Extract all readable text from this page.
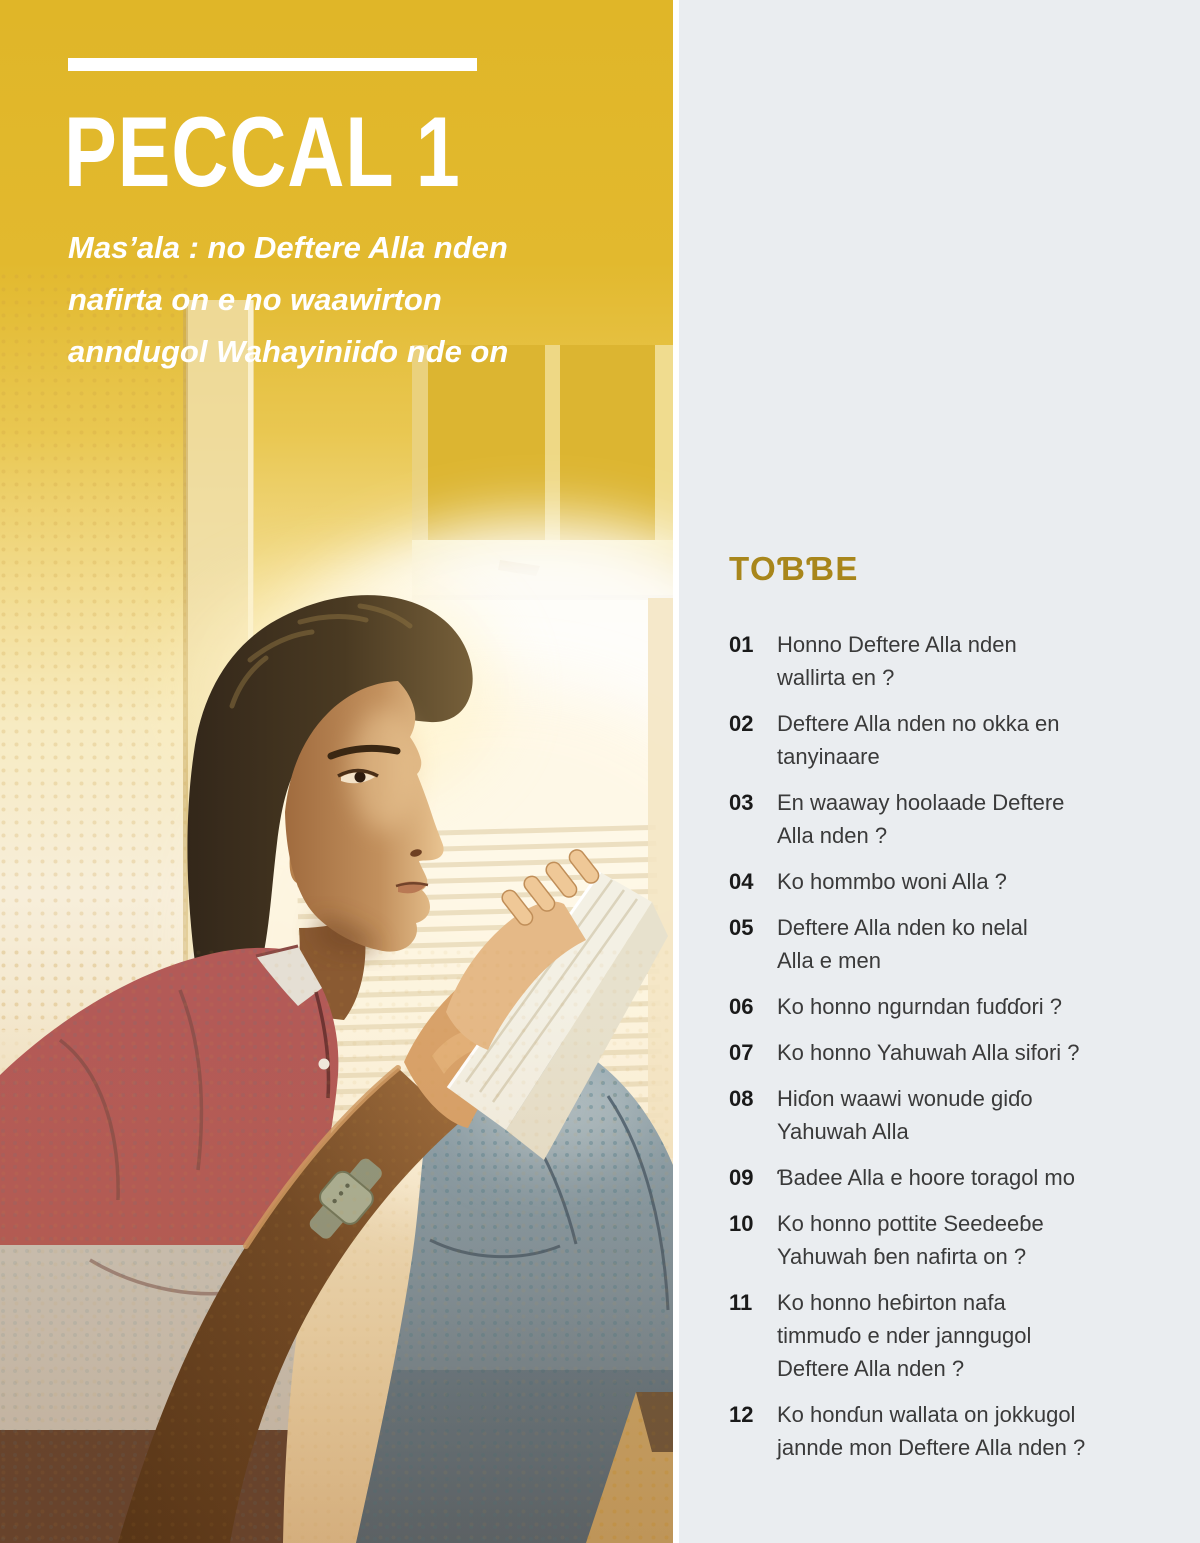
PECCAL 1

Mas’ala : no Deftere Alla nden
nafirta on e no waawirton
anndugol Wahayiniiɗo nde on

TOƁƁE
01	Honno Deftere Alla nden
wallirta en ?
02	Deftere Alla nden no okka en
tanyinaare
03	En waaway hoolaade Deftere
Alla nden ?
04	Ko hommbo woni Alla ?
05	Deftere Alla nden ko nelal
Alla e men
06	Ko honno ngurndan fuɗɗori ?
07	Ko honno Yahuwah Alla sifori ?
08	Hiɗon waawi wonude giɗo
Yahuwah Alla
09	Ɓadee Alla e hoore toragol mo
10	Ko honno pottite Seedeeɓe
Yahuwah ɓen nafirta on ?
11	Ko honno heɓirton nafa
timmuɗo e nder janngugol
Deftere Alla nden ?
12	Ko honɗun wallata on jokkugol
jannde mon Deftere Alla nden ?
